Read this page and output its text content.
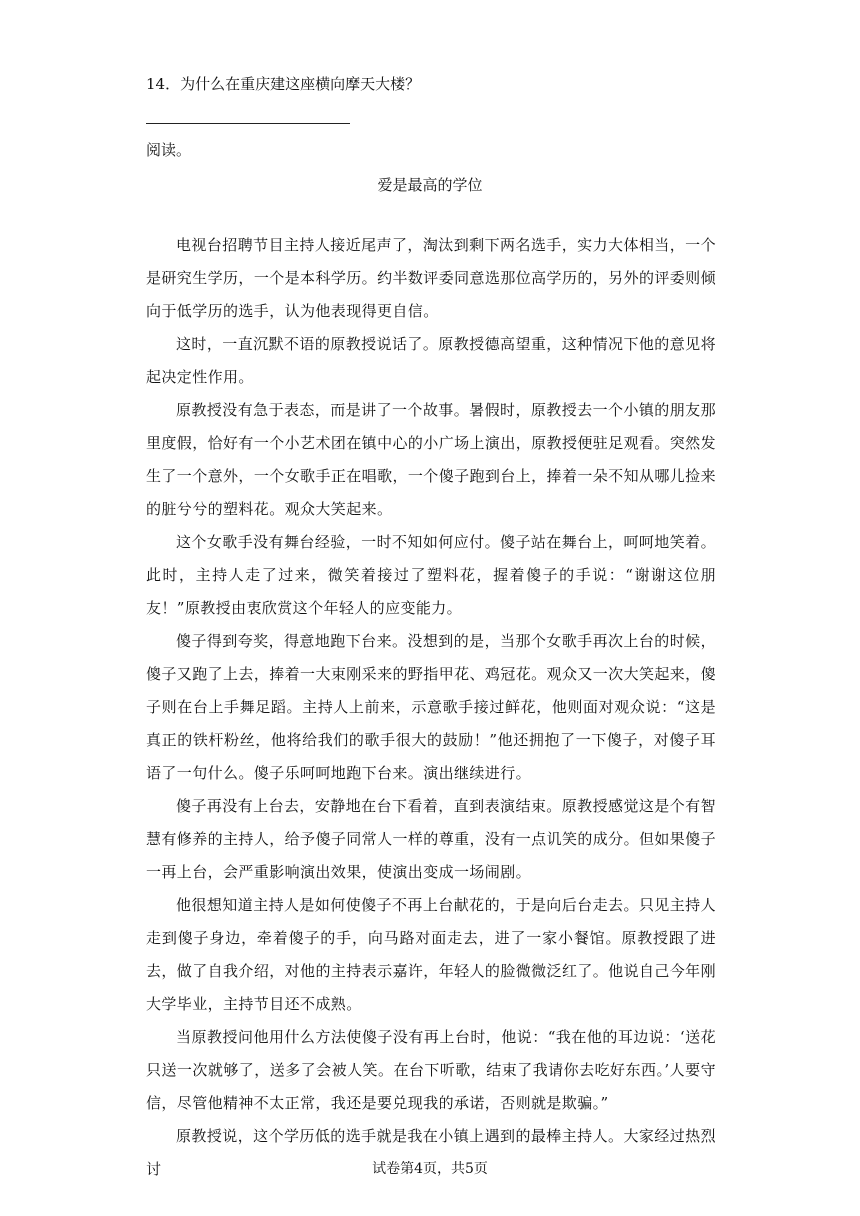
14．为什么在重庆建这座横向摩天大楼？
阅读。
爱是最高的学位

电视台招聘节目主持人接近尾声了，淘汰到剩下两名选手，实力大体相当，一个是研究生学历，一个是本科学历。约半数评委同意选那位高学历的，另外的评委则倾向于低学历的选手，认为他表现得更自信。

这时，一直沉默不语的原教授说话了。原教授德高望重，这种情况下他的意见将起决定性作用。

原教授没有急于表态，而是讲了一个故事。暑假时，原教授去一个小镇的朋友那里度假，恰好有一个小艺术团在镇中心的小广场上演出，原教授便驻足观看。突然发生了一个意外，一个女歌手正在唱歌，一个傻子跑到台上，捧着一朵不知从哪儿捡来的脏兮兮的塑料花。观众大笑起来。

这个女歌手没有舞台经验，一时不知如何应付。傻子站在舞台上，呵呵地笑着。此时，主持人走了过来，微笑着接过了塑料花，握着傻子的手说：“谢谢这位朋友！”原教授由衷欣赏这个年轻人的应变能力。

傻子得到夸奖，得意地跑下台来。没想到的是，当那个女歌手再次上台的时候，傻子又跑了上去，捧着一大束刚采来的野指甲花、鸡冠花。观众又一次大笑起来，傻子则在台上手舞足蹈。主持人上前来，示意歌手接过鲜花，他则面对观众说：“这是真正的铁杆粉丝，他将给我们的歌手很大的鼓励！”他还拥抱了一下傻子，对傻子耳语了一句什么。傻子乐呵呵地跑下台来。演出继续进行。

傻子再没有上台去，安静地在台下看着，直到表演结束。原教授感觉这是个有智慧有修养的主持人，给予傻子同常人一样的尊重，没有一点讥笑的成分。但如果傻子一再上台，会严重影响演出效果，使演出变成一场闹剧。

他很想知道主持人是如何使傻子不再上台献花的，于是向后台走去。只见主持人走到傻子身边，牵着傻子的手，向马路对面走去，进了一家小餐馆。原教授跟了进去，做了自我介绍，对他的主持表示嘉许，年轻人的脸微微泛红了。他说自己今年刚大学毕业，主持节目还不成熟。

当原教授问他用什么方法使傻子没有再上台时，他说：“我在他的耳边说：‘送花只送一次就够了，送多了会被人笑。在台下听歌，结束了我请你去吃好东西。’人要守信，尽管他精神不太正常，我还是要兑现我的承诺，否则就是欺骗。”

原教授说，这个学历低的选手就是我在小镇上遇到的最棒主持人。大家经过热烈讨	试卷第4页，共5页
